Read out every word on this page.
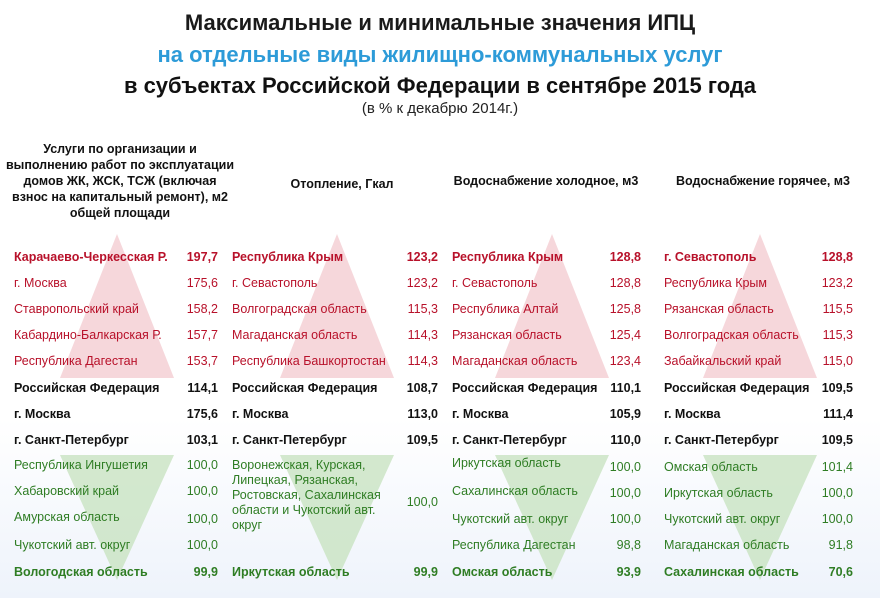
Максимальные и минимальные значения ИПЦ
на отдельные виды жилищно-коммунальных услуг
в субъектах Российской Федерации в сентябре 2015 года
(в % к декабрю 2014г.)
Услуги по организации и выполнению работ по эксплуатации домов ЖК, ЖСК, ТСЖ (включая взнос на капитальный ремонт), м2 общей площади
Отопление, Гкал	Водоснабжение холодное, м3	Водоснабжение горячее, м3
Карачаево-Черкесская Р.	197,7
г. Москва	175,6
Ставропольский край	158,2
Кабардино-Балкарская Р.	157,7
Республика Дагестан	153,7
Российская Федерация	114,1
г. Москва	175,6
г. Санкт-Петербург	103,1
Республика Ингушетия	100,0
Хабаровский край	100,0
Амурская область	100,0
Чукотский авт. округ	100,0
Вологодская область	99,9
Республика Крым	123,2
г. Севастополь	123,2
Волгоградская область	115,3
Магаданская область	114,3
Республика Башкортостан	114,3
Российская Федерация	108,7
г. Москва	113,0
г. Санкт-Петербург	109,5
Воронежская, Курская, Липецкая, Рязанская, Ростовская, Сахалинская области и Чукотский авт. округ
100,0
Иркутская область	99,9
Республика Крым	128,8
г. Севастополь	128,8
Республика Алтай	125,8
Рязанская область	125,4
Магаданская область	123,4
Российская Федерация	110,1
г. Москва	105,9
г. Санкт-Петербург	110,0
Иркутская область	100,0
Сахалинская область	100,0
Чукотский авт. округ	100,0
Республика Дагестан	98,8
Омская область	93,9
г. Севастополь	128,8
Республика Крым	123,2
Рязанская область	115,5
Волгоградская область	115,3
Забайкальский край	115,0
Российская Федерация 109,5
г. Москва	111,4
г. Санкт-Петербург	109,5
Омская область	101,4
Иркутская область	100,0
Чукотский авт. округ	100,0
Магаданская область	91,8
Сахалинская область	70,6
